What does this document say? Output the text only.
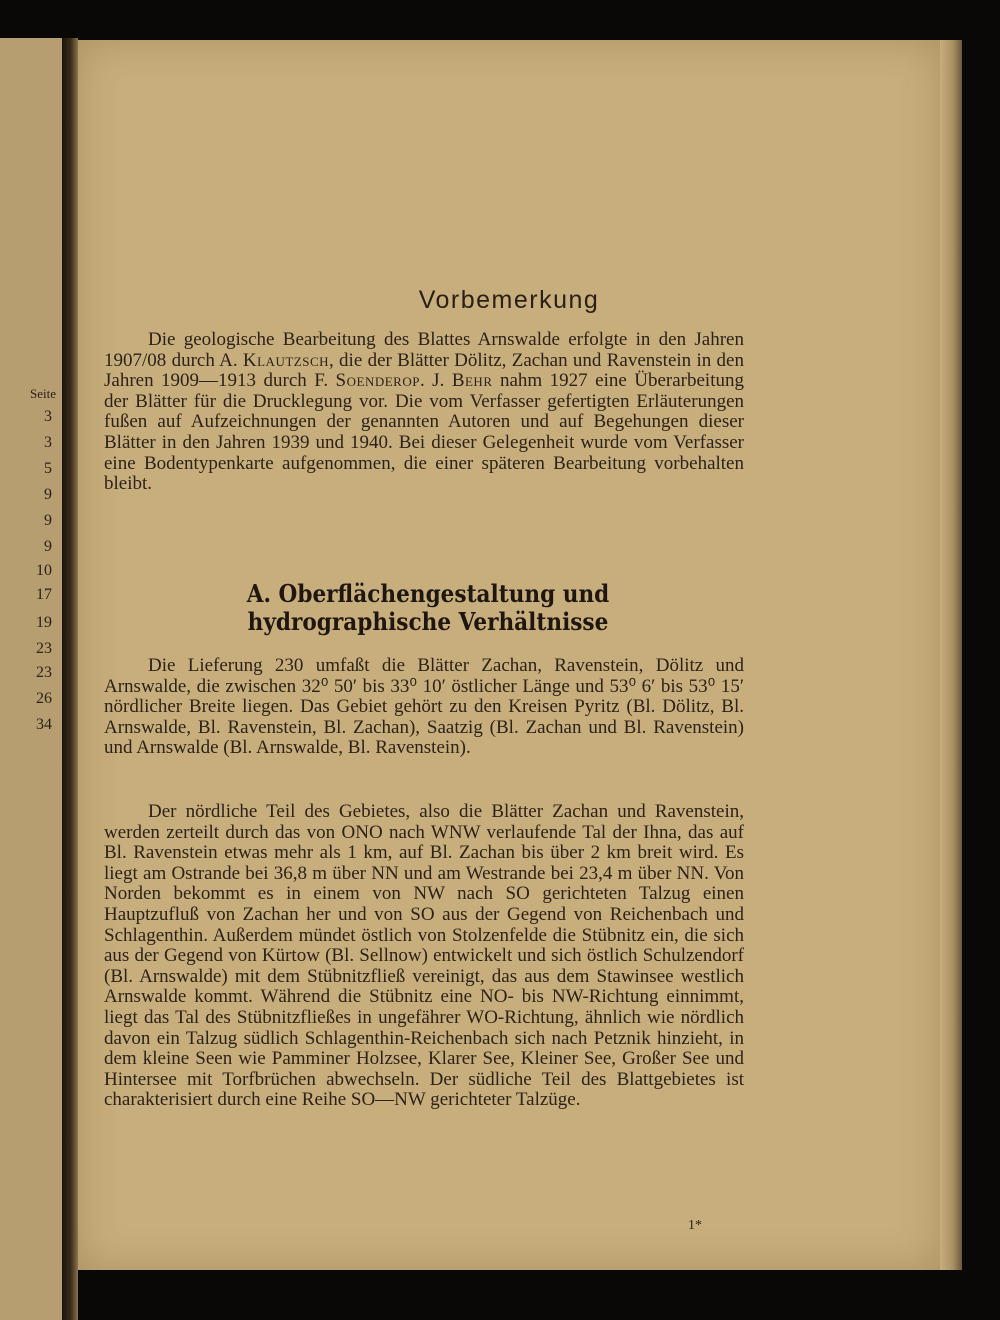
Seite
3
3
5
9
9
9
10
17
19
23
23
26
34
Vorbemerkung
Die geologische Bearbeitung des Blattes Arnswalde erfolgte in den Jahren 1907/08 durch A. Klautzsch, die der Blätter Dölitz, Zachan und Ravenstein in den Jahren 1909—1913 durch F. Soenderop. J. Behr nahm 1927 eine Überarbeitung der Blätter für die Drucklegung vor. Die vom Verfasser gefertigten Erläuterungen fußen auf Aufzeichnungen der genannten Autoren und auf Begehungen dieser Blätter in den Jahren 1939 und 1940. Bei dieser Gelegenheit wurde vom Verfasser eine Bodentypenkarte aufgenommen, die einer späteren Bearbeitung vorbehalten bleibt.
A. Oberflächengestaltung und hydrographische Verhältnisse
Die Lieferung 230 umfaßt die Blätter Zachan, Ravenstein, Dölitz und Arnswalde, die zwischen 32⁰ 50′ bis 33⁰ 10′ östlicher Länge und 53⁰ 6′ bis 53⁰ 15′ nördlicher Breite liegen. Das Gebiet gehört zu den Kreisen Pyritz (Bl. Dölitz, Bl. Arnswalde, Bl. Ravenstein, Bl. Zachan), Saatzig (Bl. Zachan und Bl. Ravenstein) und Arnswalde (Bl. Arnswalde, Bl. Ravenstein).
Der nördliche Teil des Gebietes, also die Blätter Zachan und Ravenstein, werden zerteilt durch das von ONO nach WNW verlaufende Tal der Ihna, das auf Bl. Ravenstein etwas mehr als 1 km, auf Bl. Zachan bis über 2 km breit wird. Es liegt am Ostrande bei 36,8 m über NN und am Westrande bei 23,4 m über NN. Von Norden bekommt es in einem von NW nach SO gerichteten Talzug einen Hauptzufluß von Zachan her und von SO aus der Gegend von Reichenbach und Schlagenthin. Außerdem mündet östlich von Stolzenfelde die Stübnitz ein, die sich aus der Gegend von Kürtow (Bl. Sellnow) entwickelt und sich östlich Schulzendorf (Bl. Arnswalde) mit dem Stübnitzfließ vereinigt, das aus dem Stawinsee westlich Arnswalde kommt. Während die Stübnitz eine NO- bis NW-Richtung einnimmt, liegt das Tal des Stübnitzfließes in ungefährer WO-Richtung, ähnlich wie nördlich davon ein Talzug südlich Schlagenthin-Reichenbach sich nach Petznik hinzieht, in dem kleine Seen wie Pamminer Holzsee, Klarer See, Kleiner See, Großer See und Hintersee mit Torfbrüchen abwechseln. Der südliche Teil des Blattgebietes ist charakterisiert durch eine Reihe SO—NW gerichteter Talzüge.
1*
